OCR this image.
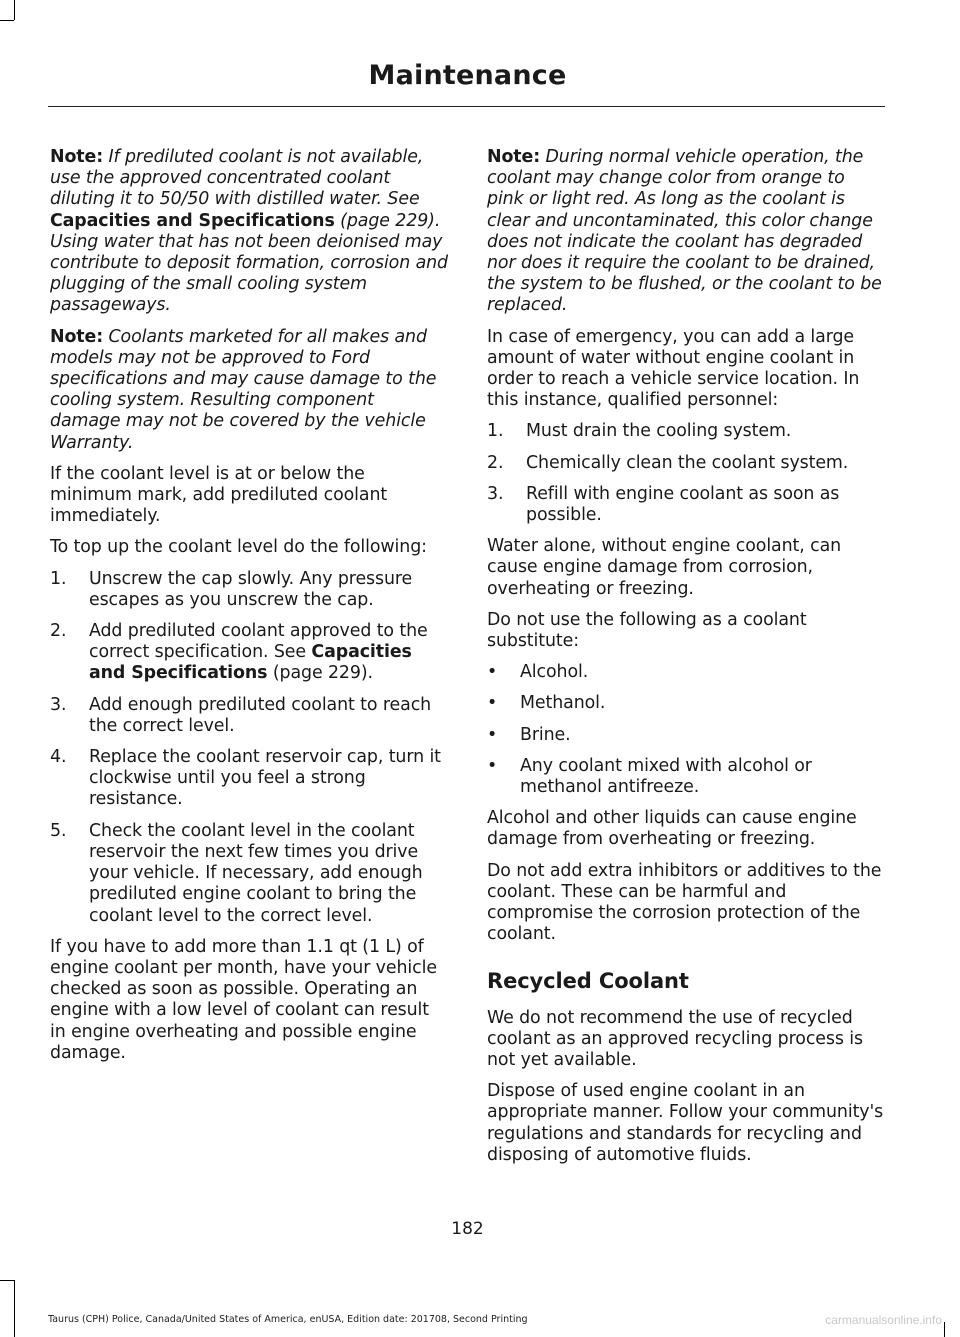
Maintenance

Note: If prediluted coolant is not available, use the approved concentrated coolant diluting it to 50/50 with distilled water. See Capacities and Specifications (page 229). Using water that has not been deionised may contribute to deposit formation, corrosion and plugging of the small cooling system passageways.

Note: Coolants marketed for all makes and models may not be approved to Ford specifications and may cause damage to the cooling system. Resulting component damage may not be covered by the vehicle Warranty.

If the coolant level is at or below the minimum mark, add prediluted coolant immediately.

To top up the coolant level do the following:

1. Unscrew the cap slowly. Any pressure escapes as you unscrew the cap.
2. Add prediluted coolant approved to the correct specification. See Capacities and Specifications (page 229).
3. Add enough prediluted coolant to reach the correct level.
4. Replace the coolant reservoir cap, turn it clockwise until you feel a strong resistance.
5. Check the coolant level in the coolant reservoir the next few times you drive your vehicle. If necessary, add enough prediluted engine coolant to bring the coolant level to the correct level.

If you have to add more than 1.1 qt (1 L) of engine coolant per month, have your vehicle checked as soon as possible. Operating an engine with a low level of coolant can result in engine overheating and possible engine damage.

Note: During normal vehicle operation, the coolant may change color from orange to pink or light red. As long as the coolant is clear and uncontaminated, this color change does not indicate the coolant has degraded nor does it require the coolant to be drained, the system to be flushed, or the coolant to be replaced.

In case of emergency, you can add a large amount of water without engine coolant in order to reach a vehicle service location. In this instance, qualified personnel:

1. Must drain the cooling system.
2. Chemically clean the coolant system.
3. Refill with engine coolant as soon as possible.

Water alone, without engine coolant, can cause engine damage from corrosion, overheating or freezing.

Do not use the following as a coolant substitute:

• Alcohol.
• Methanol.
• Brine.
• Any coolant mixed with alcohol or methanol antifreeze.

Alcohol and other liquids can cause engine damage from overheating or freezing.

Do not add extra inhibitors or additives to the coolant. These can be harmful and compromise the corrosion protection of the coolant.

Recycled Coolant

We do not recommend the use of recycled coolant as an approved recycling process is not yet available.

Dispose of used engine coolant in an appropriate manner. Follow your community's regulations and standards for recycling and disposing of automotive fluids.

182
Taurus (CPH) Police, Canada/United States of America, enUSA, Edition date: 201708, Second Printing	carmanualsonline.info
